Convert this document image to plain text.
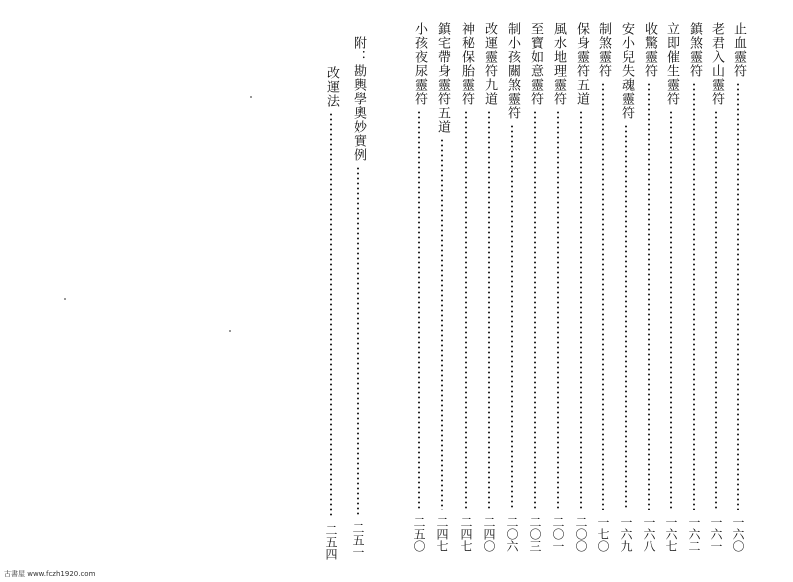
止血靈符
一六〇
老君入山靈符
一六一
鎮煞靈符
一六二
立即催生靈符
一六七
收驚靈符
一六八
安小兒失魂靈符
一六九
制煞靈符
一七〇
保身靈符五道
二〇〇
風水地理靈符
二〇一
至寶如意靈符
二〇三
制小孩關煞靈符
二〇六
改運靈符九道
二四〇
神秘保胎靈符
二四七
鎮宅帶身靈符五道
二四七
小孩夜尿靈符
二五〇
附：勘輿學奧妙實例
二五一
改運法
二五四
古書屋 www.fczh1920.com
